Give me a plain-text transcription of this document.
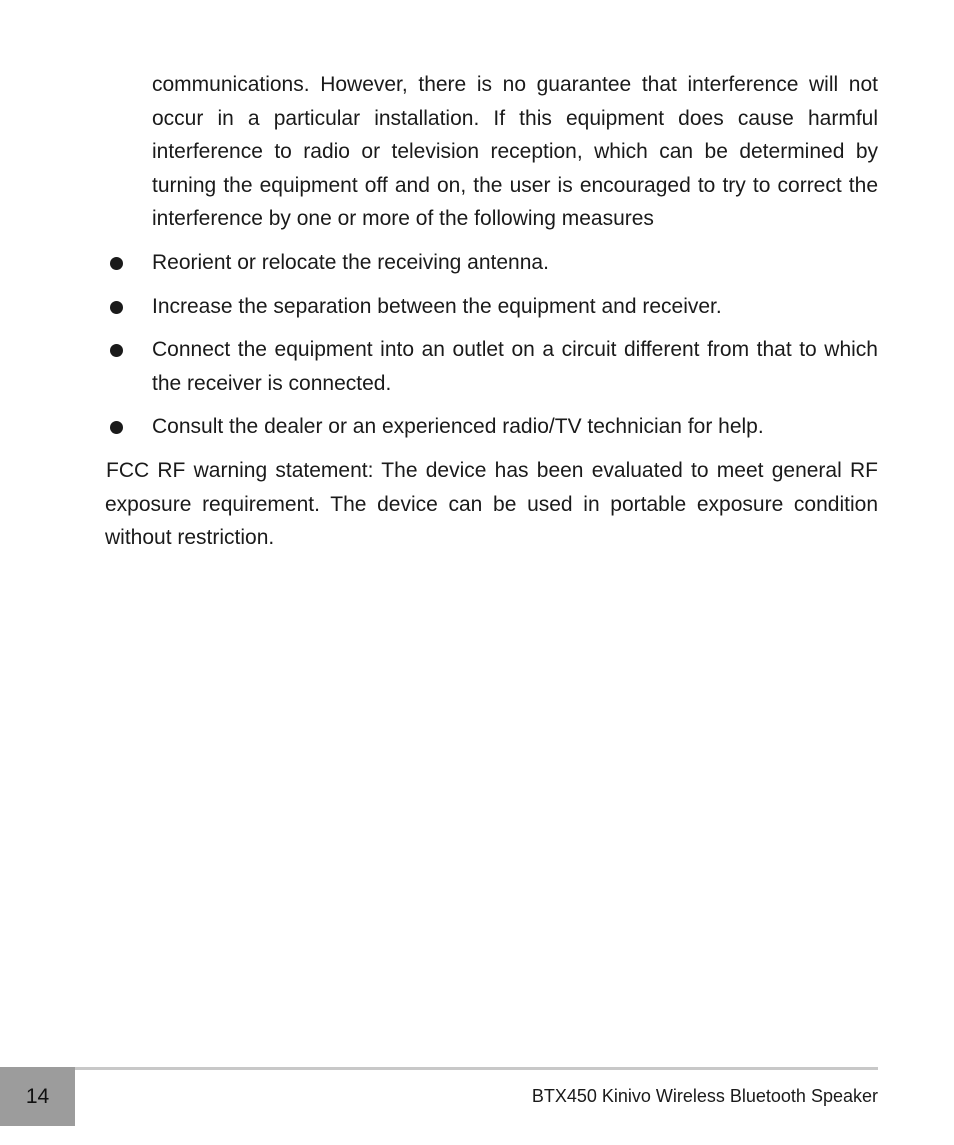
communications. However, there is no guarantee that interference will not occur in a particular installation. If this equipment does cause harmful interference to radio or television reception, which can be determined by turning the equipment off and on, the user is encouraged to try to correct the interference by one or more of the following measures

Reorient or relocate the receiving antenna.
Increase the separation between the equipment and receiver.
Connect the equipment into an outlet on a circuit different from that to which the receiver is connected.
Consult the dealer or an experienced radio/TV technician for help.

FCC RF warning statement: The device has been evaluated to meet general RF exposure requirement. The device can be used in portable exposure condition without restriction.

14	BTX450 Kinivo Wireless Bluetooth Speaker
